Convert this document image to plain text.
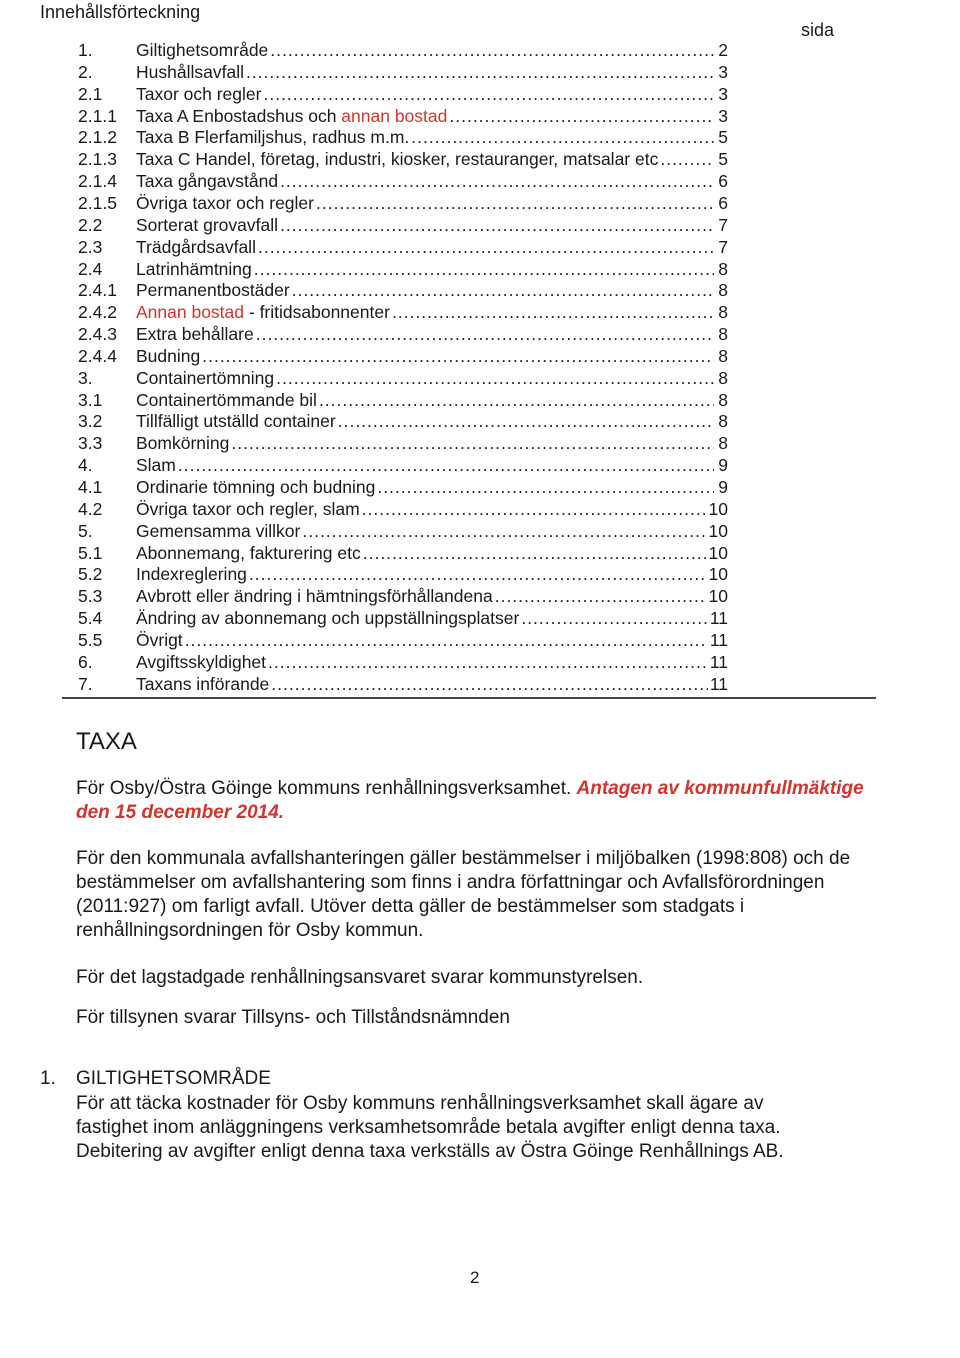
Innehållsförteckning
sida
1.	Giltighetsområde .....	2
2.	Hushållsavfall .....	3
2.1	Taxor och regler .....	3
2.1.1	Taxa A Enbostadshus och annan bostad .....	3
2.1.2	Taxa B Flerfamiljshus, radhus m.m. .....	5
2.1.3	Taxa C Handel, företag, industri, kiosker, restauranger, matsalar etc .....	5
2.1.4	Taxa gångavstånd .....	6
2.1.5	Övriga taxor och regler .....	6
2.2	Sorterat grovavfall .....	7
2.3	Trädgårdsavfall .....	7
2.4	Latrinhämtning .....	8
2.4.1	Permanentbostäder .....	8
2.4.2	Annan bostad - fritidsabonnenter .....	8
2.4.3	Extra behållare .....	8
2.4.4	Budning .....	8
3.	Containertömning .....	8
3.1	Containertömmande bil .....	8
3.2	Tillfälligt utställd container .....	8
3.3	Bomkörning .....	8
4.	Slam .....	9
4.1	Ordinarie tömning och budning .....	9
4.2	Övriga taxor och regler, slam .....	10
5.	Gemensamma villkor .....	10
5.1	Abonnemang, fakturering etc .....	10
5.2	Indexreglering .....	10
5.3	Avbrott eller ändring i hämtningsförhållandena .....	10
5.4	Ändring av abonnemang och uppställningsplatser .....	11
5.5	Övrigt .....	11
6.	Avgiftsskyldighet .....	11
7.	Taxans införande .....	11
TAXA
För Osby/Östra Göinge kommuns renhållningsverksamhet. Antagen av kommunfullmäktige den 15 december 2014.
För den kommunala avfallshanteringen gäller bestämmelser i miljöbalken (1998:808) och de bestämmelser om avfallshantering som finns i andra författningar och Avfallsförordningen (2011:927) om farligt avfall. Utöver detta gäller de bestämmelser som stadgats i renhållningsordningen för Osby kommun.
För det lagstadgade renhållningsansvaret svarar kommunstyrelsen.
För tillsynen svarar Tillsyns- och Tillståndsnämnden
1. GILTIGHETSOMRÅDE
För att täcka kostnader för Osby kommuns renhållningsverksamhet skall ägare av fastighet inom anläggningens verksamhetsområde betala avgifter enligt denna taxa. Debitering av avgifter enligt denna taxa verkställs av Östra Göinge Renhållnings AB.
2
